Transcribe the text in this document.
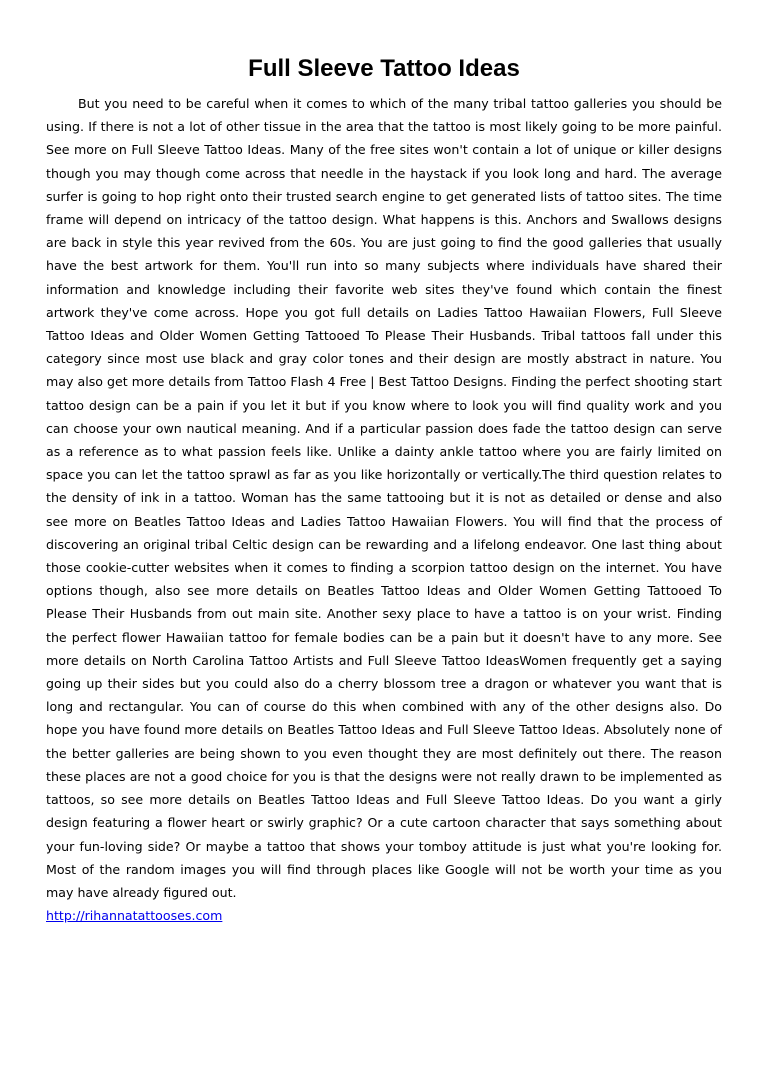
Full Sleeve Tattoo Ideas

But you need to be careful when it comes to which of the many tribal tattoo galleries you should be using. If there is not a lot of other tissue in the area that the tattoo is most likely going to be more painful. See more on Full Sleeve Tattoo Ideas. Many of the free sites won't contain a lot of unique or killer designs though you may though come across that needle in the haystack if you look long and hard. The average surfer is going to hop right onto their trusted search engine to get generated lists of tattoo sites. The time frame will depend on intricacy of the tattoo design. What happens is this. Anchors and Swallows designs are back in style this year revived from the 60s. You are just going to find the good galleries that usually have the best artwork for them. You'll run into so many subjects where individuals have shared their information and knowledge including their favorite web sites they've found which contain the finest artwork they've come across. Hope you got full details on Ladies Tattoo Hawaiian Flowers, Full Sleeve Tattoo Ideas and Older Women Getting Tattooed To Please Their Husbands. Tribal tattoos fall under this category since most use black and gray color tones and their design are mostly abstract in nature. You may also get more details from Tattoo Flash 4 Free | Best Tattoo Designs. Finding the perfect shooting start tattoo design can be a pain if you let it but if you know where to look you will find quality work and you can choose your own nautical meaning. And if a particular passion does fade the tattoo design can serve as a reference as to what passion feels like. Unlike a dainty ankle tattoo where you are fairly limited on space you can let the tattoo sprawl as far as you like horizontally or vertically.The third question relates to the density of ink in a tattoo. Woman has the same tattooing but it is not as detailed or dense and also see more on Beatles Tattoo Ideas and Ladies Tattoo Hawaiian Flowers. You will find that the process of discovering an original tribal Celtic design can be rewarding and a lifelong endeavor. One last thing about those cookie-cutter websites when it comes to finding a scorpion tattoo design on the internet. You have options though, also see more details on Beatles Tattoo Ideas and Older Women Getting Tattooed To Please Their Husbands from out main site. Another sexy place to have a tattoo is on your wrist. Finding the perfect flower Hawaiian tattoo for female bodies can be a pain but it doesn't have to any more. See more details on North Carolina Tattoo Artists and Full Sleeve Tattoo IdeasWomen frequently get a saying going up their sides but you could also do a cherry blossom tree a dragon or whatever you want that is long and rectangular. You can of course do this when combined with any of the other designs also. Do hope you have found more details on Beatles Tattoo Ideas and Full Sleeve Tattoo Ideas. Absolutely none of the better galleries are being shown to you even thought they are most definitely out there. The reason these places are not a good choice for you is that the designs were not really drawn to be implemented as tattoos, so see more details on Beatles Tattoo Ideas and Full Sleeve Tattoo Ideas. Do you want a girly design featuring a flower heart or swirly graphic? Or a cute cartoon character that says something about your fun-loving side? Or maybe a tattoo that shows your tomboy attitude is just what you're looking for. Most of the random images you will find through places like Google will not be worth your time as you may have already figured out.

http://rihannatattooses.com
